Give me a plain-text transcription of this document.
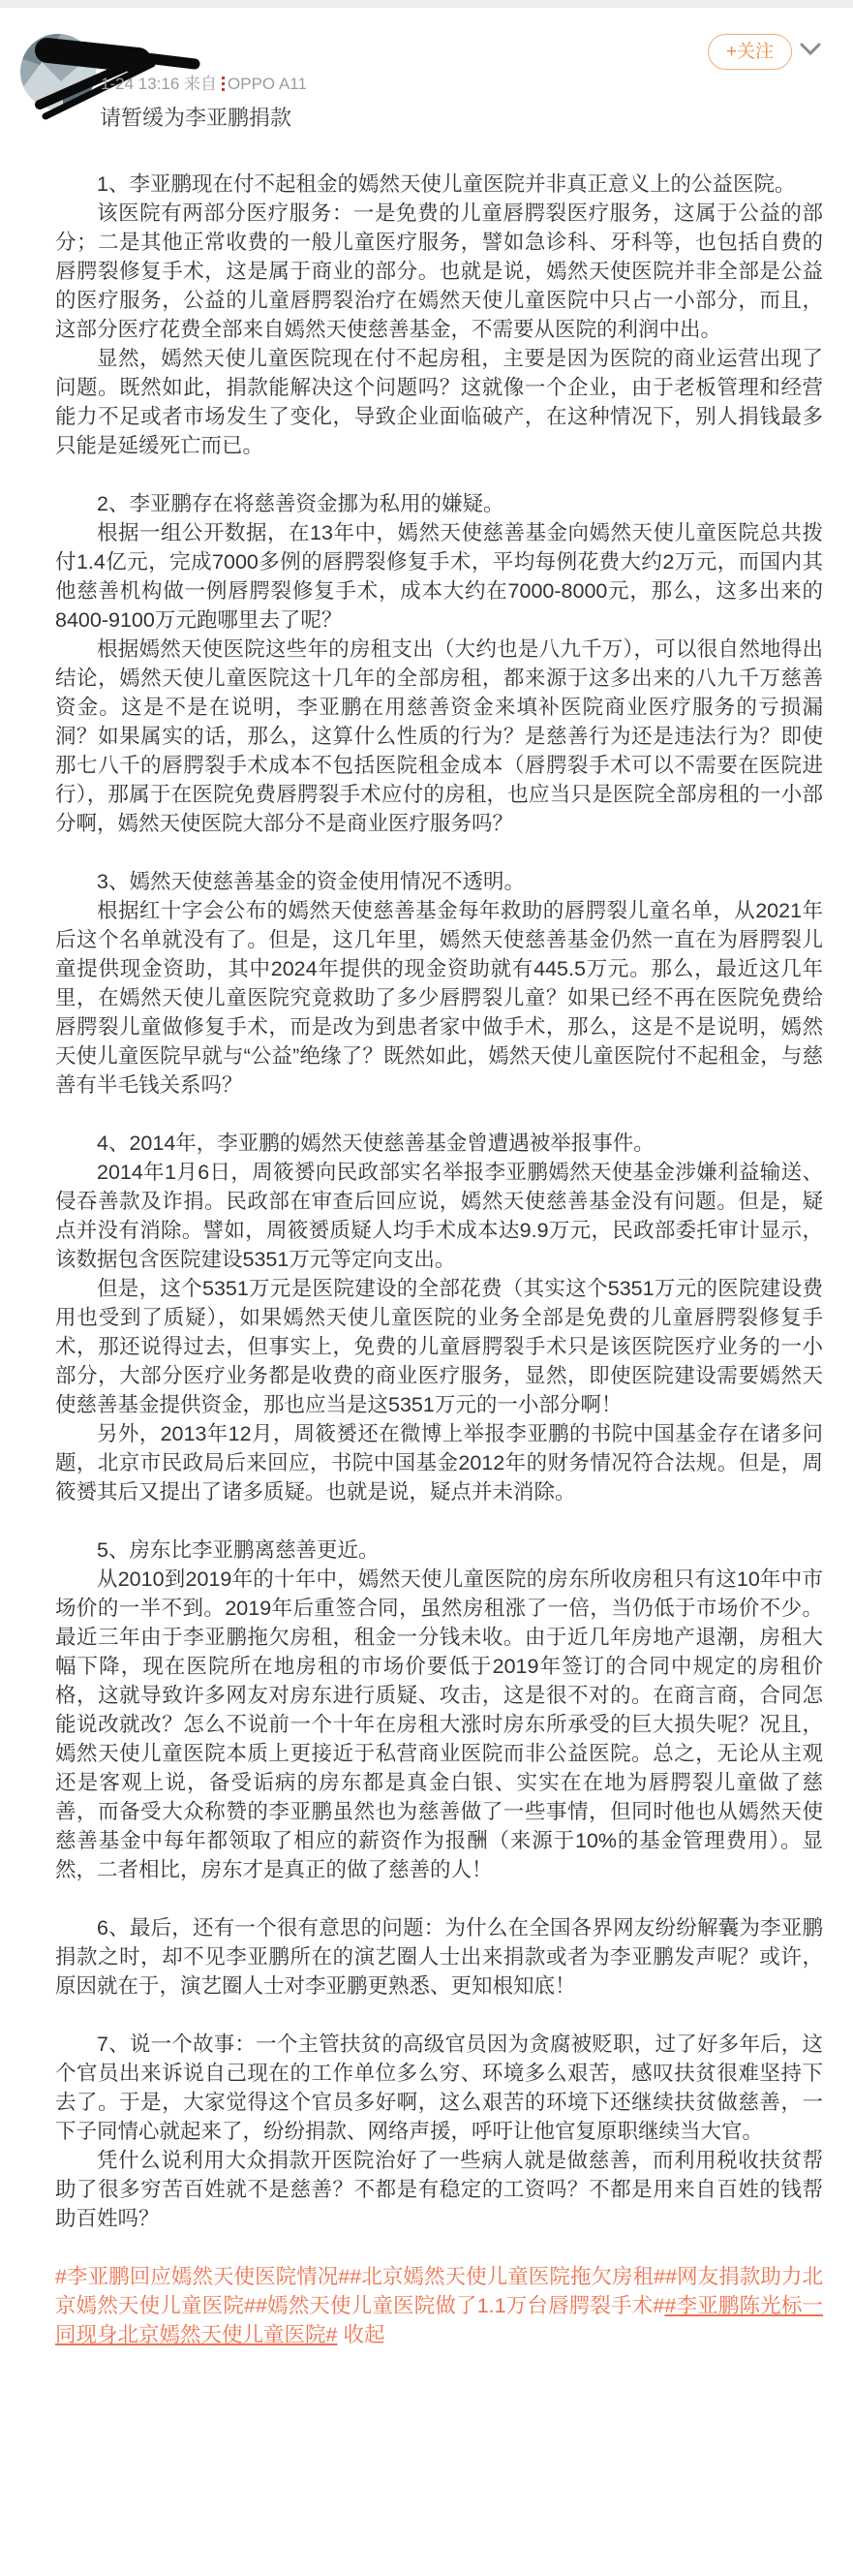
+关注
1-24 13:16 来自 OPPO A11
请暂缓为李亚鹏捐款

1、李亚鹏现在付不起租金的嫣然天使儿童医院并非真正意义上的公益医院。

该医院有两部分医疗服务：一是免费的儿童唇腭裂医疗服务，这属于公益的部分；二是其他正常收费的一般儿童医疗服务，譬如急诊科、牙科等，也包括自费的唇腭裂修复手术，这是属于商业的部分。也就是说，嫣然天使医院并非全部是公益的医疗服务，公益的儿童唇腭裂治疗在嫣然天使儿童医院中只占一小部分，而且，这部分医疗花费全部来自嫣然天使慈善基金，不需要从医院的利润中出。

显然，嫣然天使儿童医院现在付不起房租，主要是因为医院的商业运营出现了问题。既然如此，捐款能解决这个问题吗？这就像一个企业，由于老板管理和经营能力不足或者市场发生了变化，导致企业面临破产，在这种情况下，别人捐钱最多只能是延缓死亡而已。

2、李亚鹏存在将慈善资金挪为私用的嫌疑。

根据一组公开数据，在13年中，嫣然天使慈善基金向嫣然天使儿童医院总共拨付1.4亿元，完成7000多例的唇腭裂修复手术，平均每例花费大约2万元，而国内其他慈善机构做一例唇腭裂修复手术，成本大约在7000-8000元，那么，这多出来的8400-9100万元跑哪里去了呢？

根据嫣然天使医院这些年的房租支出（大约也是八九千万），可以很自然地得出结论，嫣然天使儿童医院这十几年的全部房租，都来源于这多出来的八九千万慈善资金。这是不是在说明，李亚鹏在用慈善资金来填补医院商业医疗服务的亏损漏洞？如果属实的话，那么，这算什么性质的行为？是慈善行为还是违法行为？即使那七八千的唇腭裂手术成本不包括医院租金成本（唇腭裂手术可以不需要在医院进行），那属于在医院免费唇腭裂手术应付的房租，也应当只是医院全部房租的一小部分啊，嫣然天使医院大部分不是商业医疗服务吗？

3、嫣然天使慈善基金的资金使用情况不透明。

根据红十字会公布的嫣然天使慈善基金每年救助的唇腭裂儿童名单，从2021年后这个名单就没有了。但是，这几年里，嫣然天使慈善基金仍然一直在为唇腭裂儿童提供现金资助，其中2024年提供的现金资助就有445.5万元。那么，最近这几年里，在嫣然天使儿童医院究竟救助了多少唇腭裂儿童？如果已经不再在医院免费给唇腭裂儿童做修复手术，而是改为到患者家中做手术，那么，这是不是说明，嫣然天使儿童医院早就与“公益”绝缘了？既然如此，嫣然天使儿童医院付不起租金，与慈善有半毛钱关系吗？

4、2014年，李亚鹏的嫣然天使慈善基金曾遭遇被举报事件。

2014年1月6日，周筱赟向民政部实名举报李亚鹏嫣然天使基金涉嫌利益输送、侵吞善款及诈捐。民政部在审查后回应说，嫣然天使慈善基金没有问题。但是，疑点并没有消除。譬如，周筱赟质疑人均手术成本达9.9万元，民政部委托审计显示，该数据包含医院建设5351万元等定向支出。

但是，这个5351万元是医院建设的全部花费（其实这个5351万元的医院建设费用也受到了质疑），如果嫣然天使儿童医院的业务全部是免费的儿童唇腭裂修复手术，那还说得过去，但事实上，免费的儿童唇腭裂手术只是该医院医疗业务的一小部分，大部分医疗业务都是收费的商业医疗服务，显然，即使医院建设需要嫣然天使慈善基金提供资金，那也应当是这5351万元的一小部分啊！

另外，2013年12月，周筱赟还在微博上举报李亚鹏的书院中国基金存在诸多问题，北京市民政局后来回应，书院中国基金2012年的财务情况符合法规。但是，周筱赟其后又提出了诸多质疑。也就是说，疑点并未消除。

5、房东比李亚鹏离慈善更近。

从2010到2019年的十年中，嫣然天使儿童医院的房东所收房租只有这10年中市场价的一半不到。2019年后重签合同，虽然房租涨了一倍，当仍低于市场价不少。最近三年由于李亚鹏拖欠房租，租金一分钱未收。由于近几年房地产退潮，房租大幅下降，现在医院所在地房租的市场价要低于2019年签订的合同中规定的房租价格，这就导致许多网友对房东进行质疑、攻击，这是很不对的。在商言商，合同怎能说改就改？怎么不说前一个十年在房租大涨时房东所承受的巨大损失呢？况且，嫣然天使儿童医院本质上更接近于私营商业医院而非公益医院。总之，无论从主观还是客观上说，备受诟病的房东都是真金白银、实实在在地为唇腭裂儿童做了慈善，而备受大众称赞的李亚鹏虽然也为慈善做了一些事情，但同时他也从嫣然天使慈善基金中每年都领取了相应的薪资作为报酬（来源于10%的基金管理费用）。显然，二者相比，房东才是真正的做了慈善的人！

6、最后，还有一个很有意思的问题：为什么在全国各界网友纷纷解囊为李亚鹏捐款之时，却不见李亚鹏所在的演艺圈人士出来捐款或者为李亚鹏发声呢？或许，原因就在于，演艺圈人士对李亚鹏更熟悉、更知根知底！

7、说一个故事：一个主管扶贫的高级官员因为贪腐被贬职，过了好多年后，这个官员出来诉说自己现在的工作单位多么穷、环境多么艰苦，感叹扶贫很难坚持下去了。于是，大家觉得这个官员多好啊，这么艰苦的环境下还继续扶贫做慈善，一下子同情心就起来了，纷纷捐款、网络声援，呼吁让他官复原职继续当大官。

凭什么说利用大众捐款开医院治好了一些病人就是做慈善，而利用税收扶贫帮助了很多穷苦百姓就不是慈善？不都是有稳定的工资吗？不都是用来自百姓的钱帮助百姓吗？

#李亚鹏回应嫣然天使医院情况##北京嫣然天使儿童医院拖欠房租##网友捐款助力北京嫣然天使儿童医院##嫣然天使儿童医院做了1.1万台唇腭裂手术##李亚鹏陈光标一同现身北京嫣然天使儿童医院# 收起
